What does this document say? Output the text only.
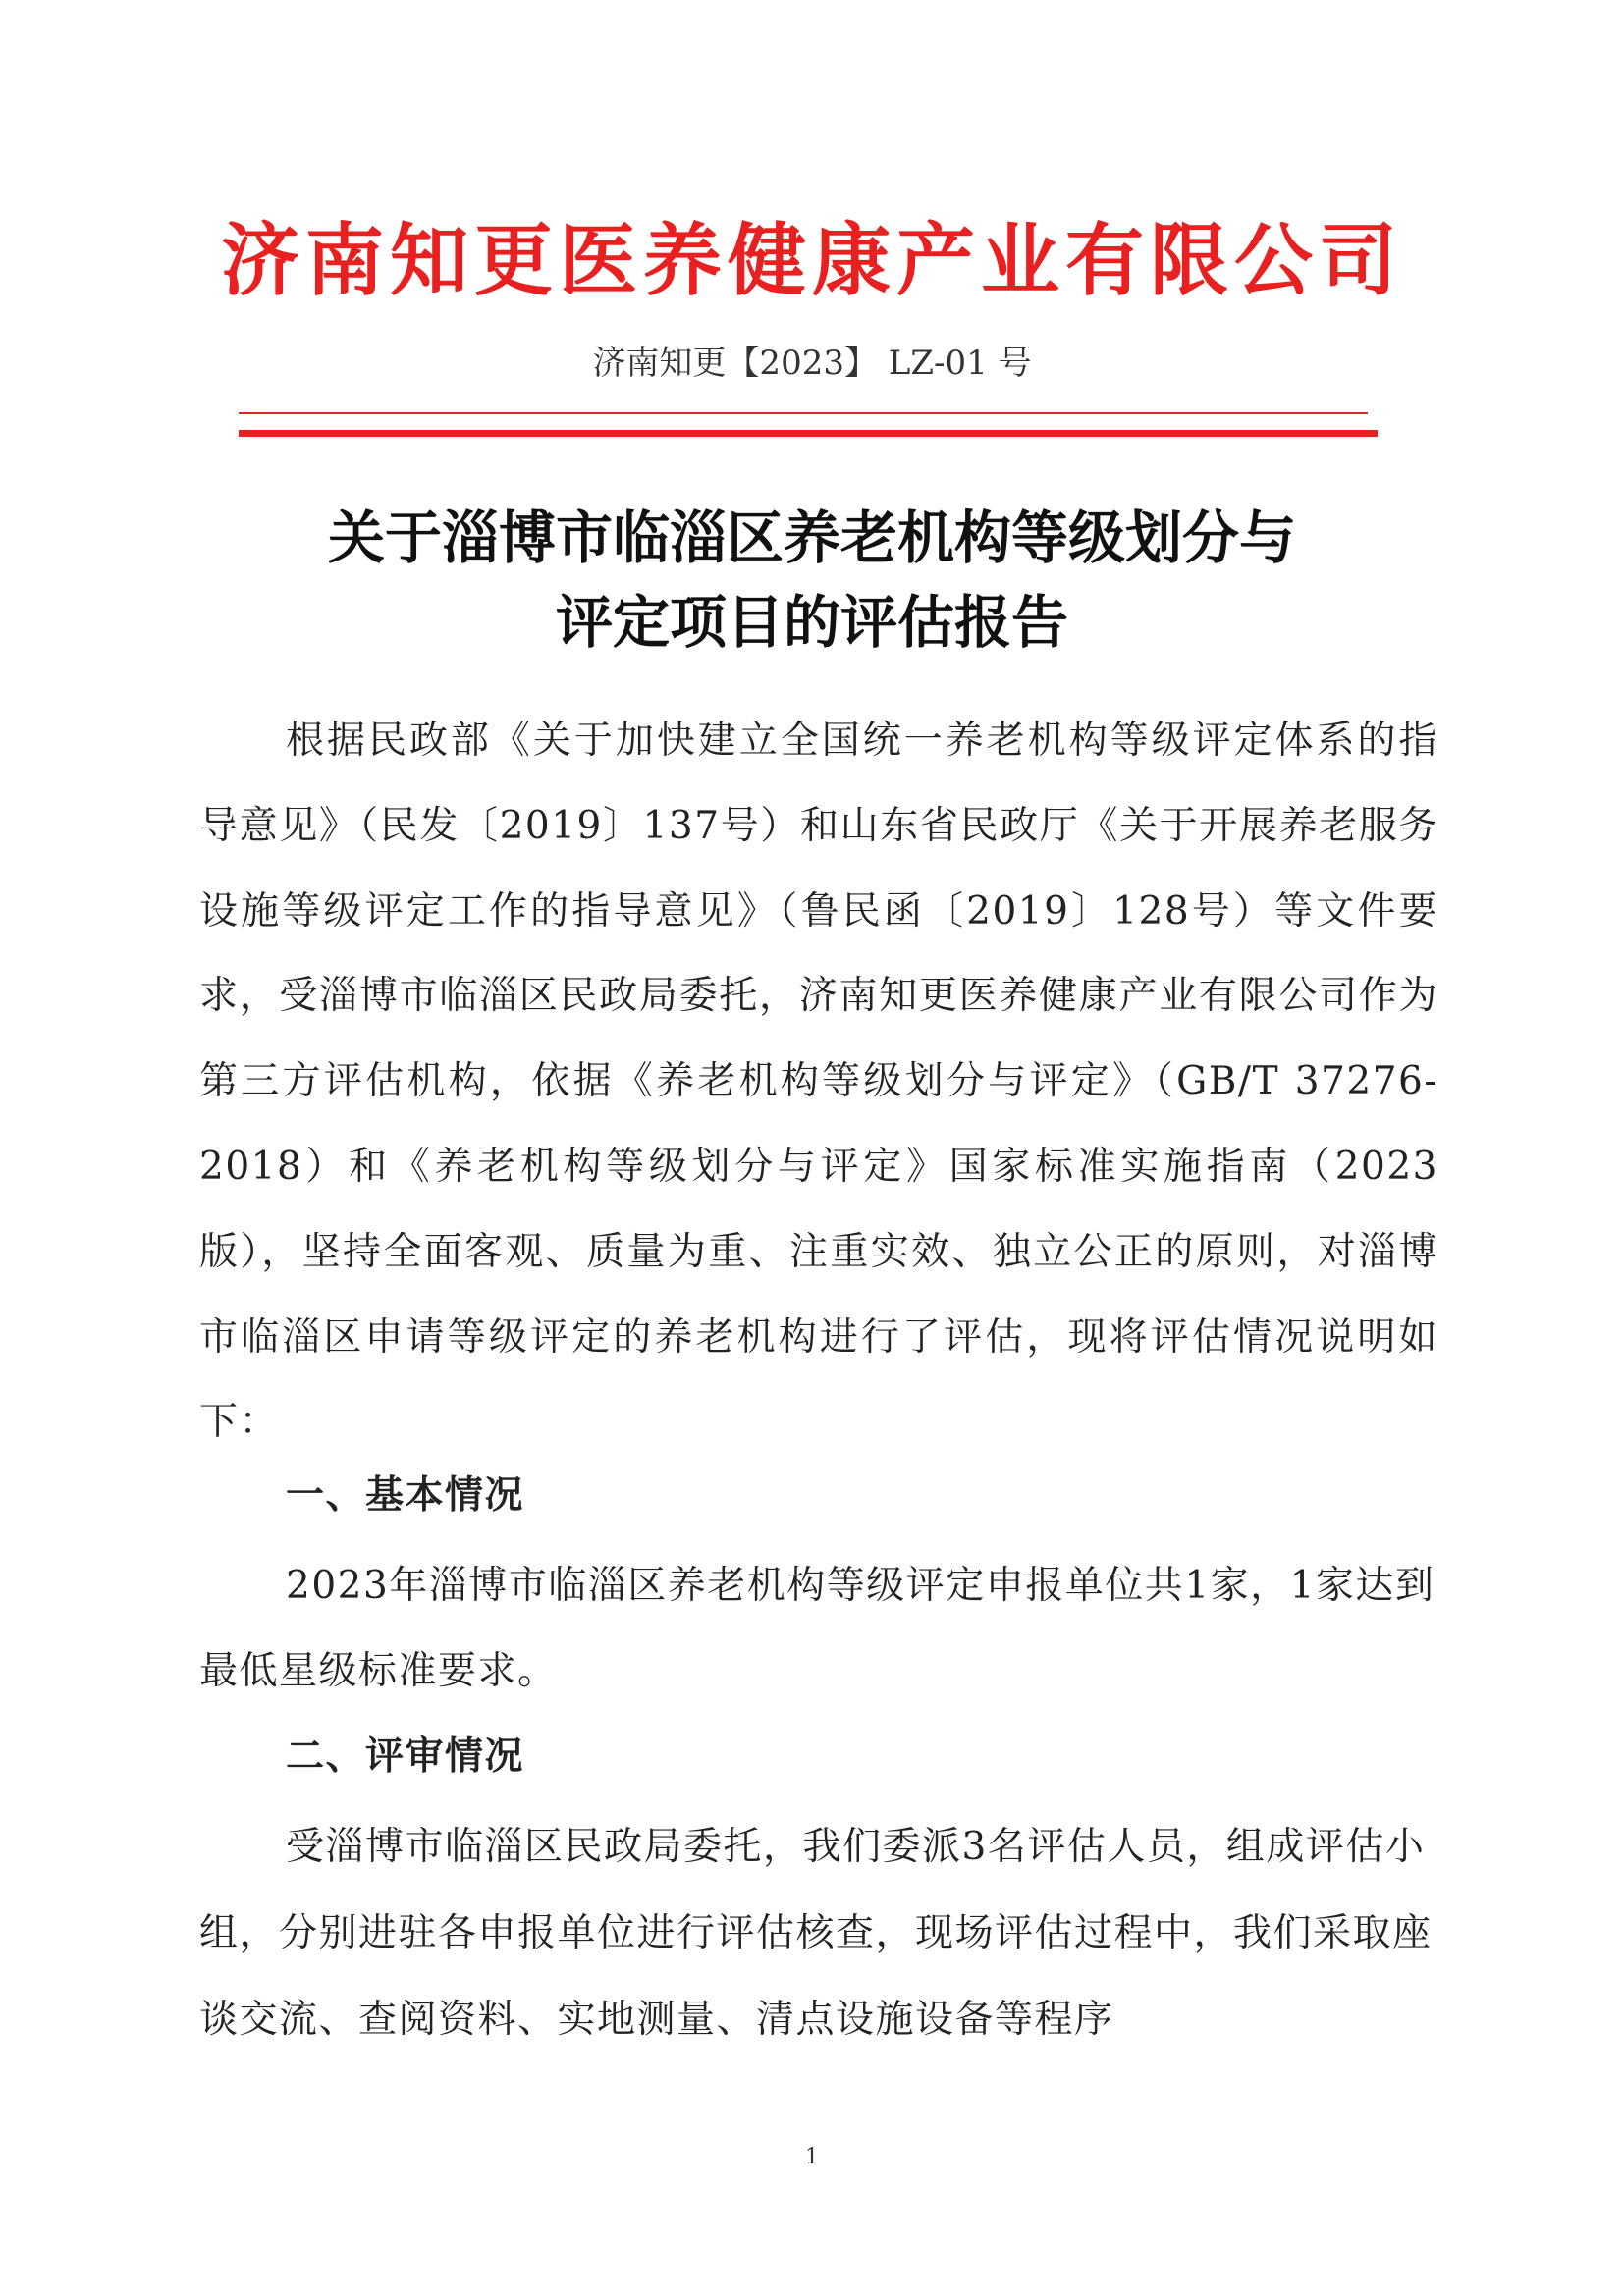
济南知更医养健康产业有限公司
济南知更【2023】 LZ-01 号
关于淄博市临淄区养老机构等级划分与
评定项目的评估报告
根据民政部《关于加快建立全国统一养老机构等级评定体系的指导意见》（民发〔2019〕137号）和山东省民政厅《关于开展养老服务设施等级评定工作的指导意见》（鲁民函〔2019〕128号）等文件要求，受淄博市临淄区民政局委托，济南知更医养健康产业有限公司作为第三方评估机构，依据《养老机构等级划分与评定》（GB/T 37276-2018）和《养老机构等级划分与评定》国家标准实施指南（2023版），坚持全面客观、质量为重、注重实效、独立公正的原则，对淄博市临淄区申请等级评定的养老机构进行了评估，现将评估情况说明如下：
一、基本情况
2023年淄博市临淄区养老机构等级评定申报单位共1家，1家达到最低星级标准要求。
二、评审情况
受淄博市临淄区民政局委托，我们委派3名评估人员，组成评估小组，分别进驻各申报单位进行评估核查，现场评估过程中，我们采取座谈交流、查阅资料、实地测量、清点设施设备等程序
1
